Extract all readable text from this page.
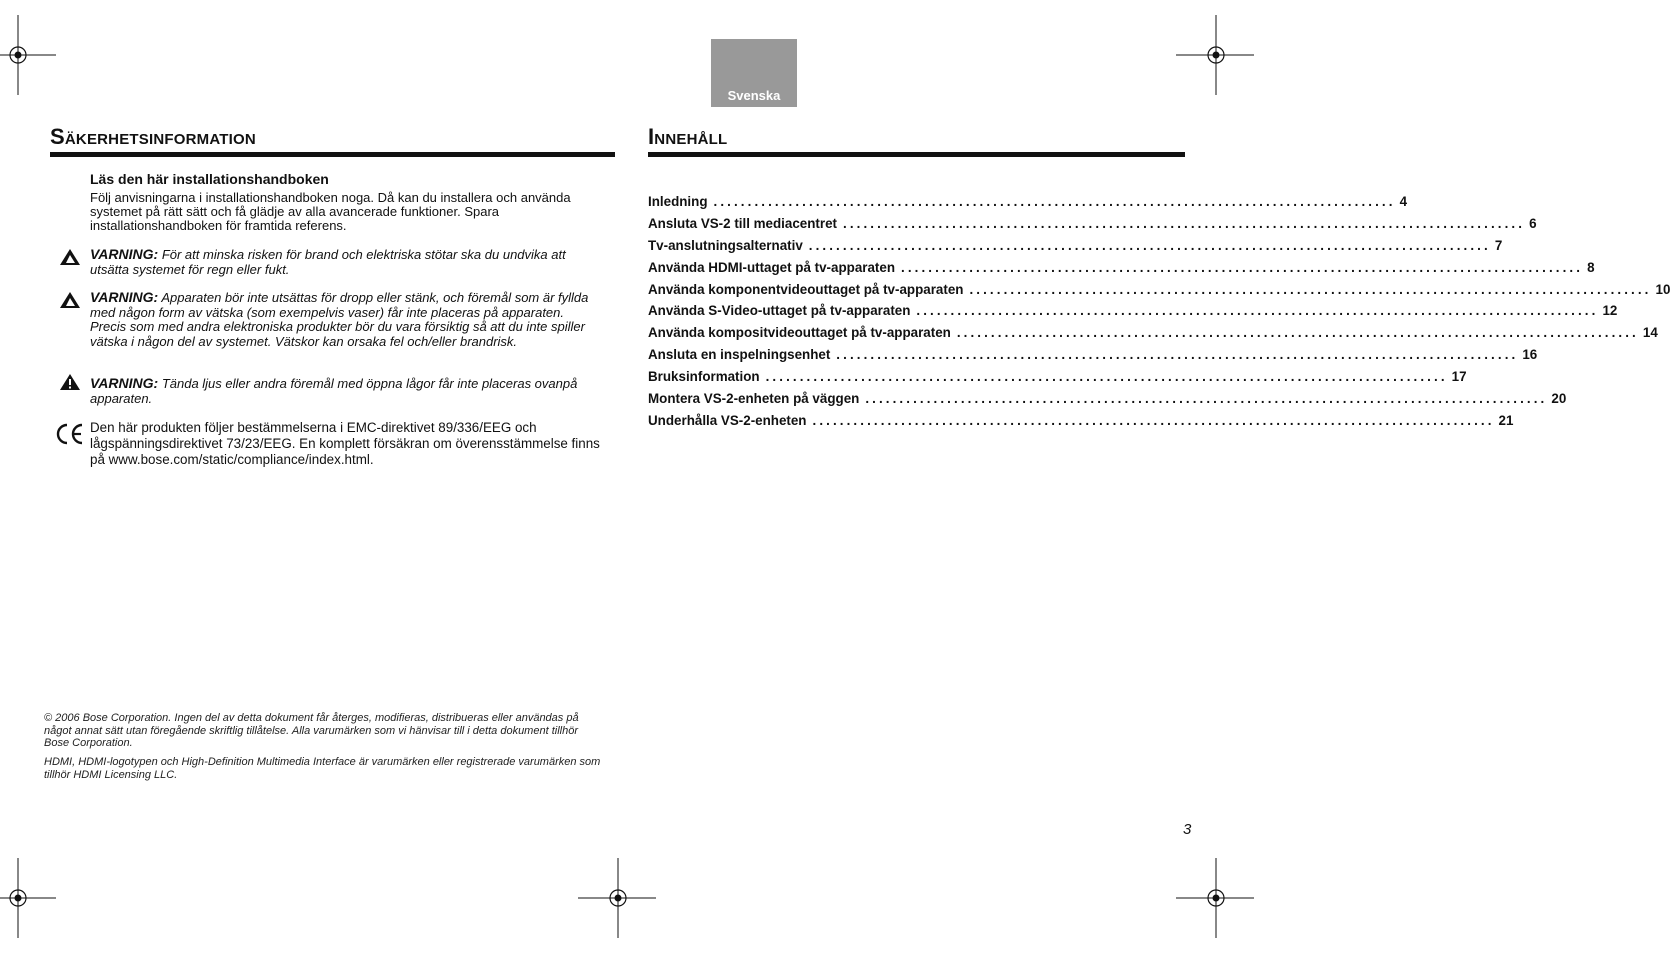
Svenska
Säkerhetsinformation
Läs den här installationshandboken

Följ anvisningarna i installationshandboken noga. Då kan du installera och använda systemet på rätt sätt och få glädje av alla avancerade funktioner. Spara installationshandboken för framtida referens.

VARNING: För att minska risken för brand och elektriska stötar ska du undvika att utsätta systemet för regn eller fukt.

VARNING: Apparaten bör inte utsättas för dropp eller stänk, och föremål som är fyllda med någon form av vätska (som exempelvis vaser) får inte placeras på apparaten. Precis som med andra elektroniska produkter bör du vara försiktig så att du inte spiller vätska i någon del av systemet. Vätskor kan orsaka fel och/eller brandrisk.

VARNING: Tända ljus eller andra föremål med öppna lågor får inte placeras ovanpå apparaten.

Den här produkten följer bestämmelserna i EMC-direktivet 89/336/EEG och lågspänningsdirektivet 73/23/EEG. En komplett försäkran om överensstämmelse finns på www.bose.com/static/compliance/index.html.

© 2006 Bose Corporation. Ingen del av detta dokument får återges, modifieras, distribueras eller användas på något annat sätt utan föregående skriftlig tillåtelse. Alla varumärken som vi hänvisar till i detta dokument tillhör Bose Corporation.

HDMI, HDMI-logotypen och High-Definition Multimedia Interface är varumärken eller registrerade varumärken som tillhör HDMI Licensing LLC.

Innehåll
Inledning .................................................................................................... 4
Ansluta VS-2 till mediacentret .................................................................................................... 6
Tv-anslutningsalternativ .................................................................................................... 7
Använda HDMI-uttaget på tv-apparaten .................................................................................................... 8
Använda komponentvideouttaget på tv-apparaten .................................................................................................... 10
Använda S-Video-uttaget på tv-apparaten .................................................................................................... 12
Använda kompositvideouttaget på tv-apparaten .................................................................................................... 14
Ansluta en inspelningsenhet .................................................................................................... 16
Bruksinformation .................................................................................................... 17
Montera VS-2-enheten på väggen .................................................................................................... 20
Underhålla VS-2-enheten .................................................................................................... 21
3
